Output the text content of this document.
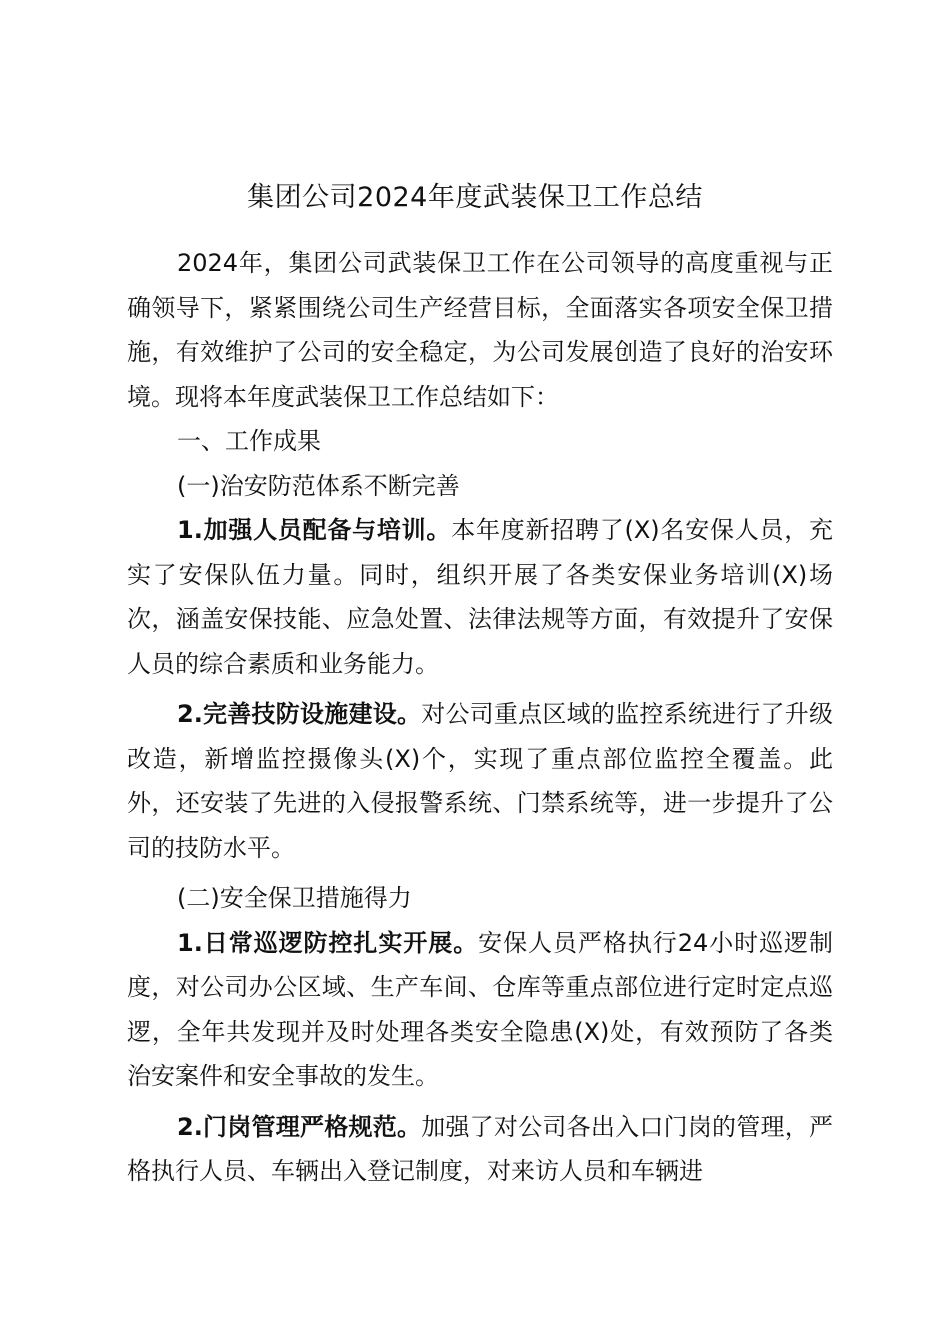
集团公司2024年度武装保卫工作总结

2024年，集团公司武装保卫工作在公司领导的高度重视与正确领导下，紧紧围绕公司生产经营目标，全面落实各项安全保卫措施，有效维护了公司的安全稳定，为公司发展创造了良好的治安环境。现将本年度武装保卫工作总结如下：

一、工作成果

(一)治安防范体系不断完善

1.加强人员配备与培训。本年度新招聘了(X)名安保人员，充实了安保队伍力量。同时，组织开展了各类安保业务培训(X)场次，涵盖安保技能、应急处置、法律法规等方面，有效提升了安保人员的综合素质和业务能力。

2.完善技防设施建设。对公司重点区域的监控系统进行了升级改造，新增监控摄像头(X)个，实现了重点部位监控全覆盖。此外，还安装了先进的入侵报警系统、门禁系统等，进一步提升了公司的技防水平。

(二)安全保卫措施得力

1.日常巡逻防控扎实开展。安保人员严格执行24小时巡逻制度，对公司办公区域、生产车间、仓库等重点部位进行定时定点巡逻，全年共发现并及时处理各类安全隐患(X)处，有效预防了各类治安案件和安全事故的发生。

2.门岗管理严格规范。加强了对公司各出入口门岗的管理，严格执行人员、车辆出入登记制度，对来访人员和车辆进
